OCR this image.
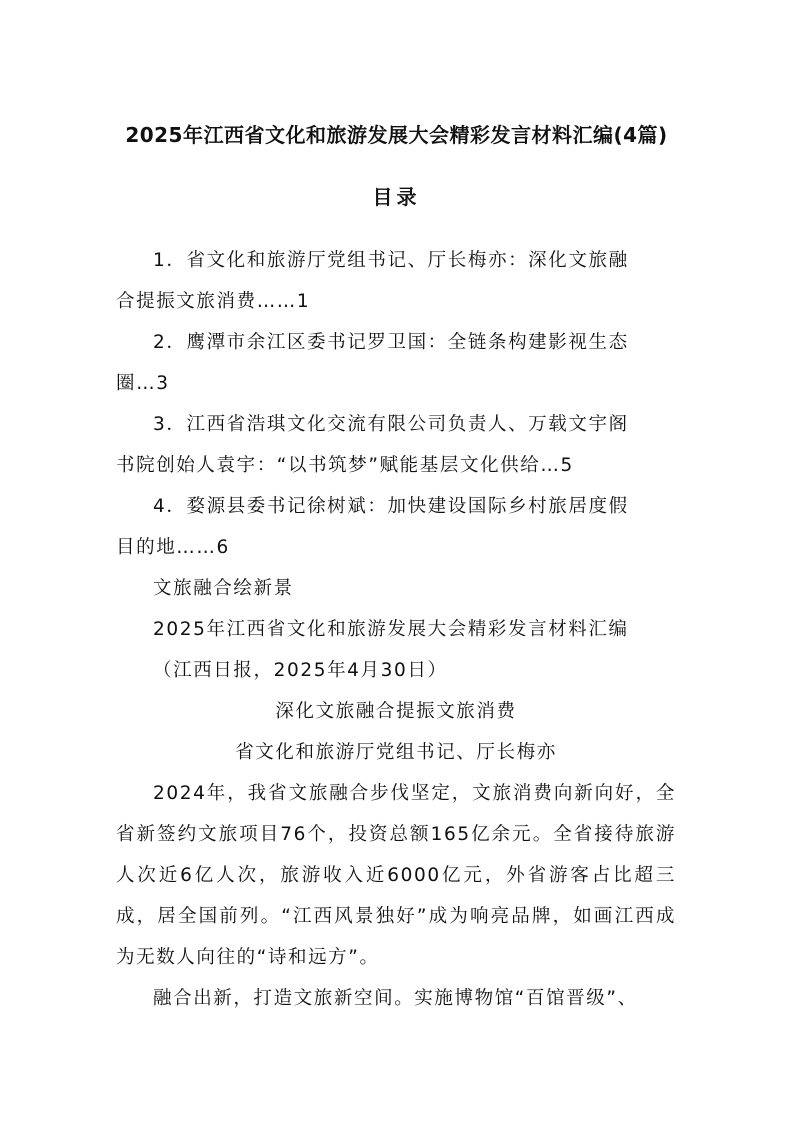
2025年江西省文化和旅游发展大会精彩发言材料汇编(4篇)
目录

1．省文化和旅游厅党组书记、厅长梅亦：深化文旅融
合提振文旅消费……1

2．鹰潭市余江区委书记罗卫国：全链条构建影视生态
圈…3

3．江西省浩琪文化交流有限公司负责人、万载文宇阁
书院创始人袁宇：“以书筑梦”赋能基层文化供给…5

4．婺源县委书记徐树斌：加快建设国际乡村旅居度假
目的地……6

文旅融合绘新景

2025年江西省文化和旅游发展大会精彩发言材料汇编

（江西日报，2025年4月30日）

深化文旅融合提振文旅消费

省文化和旅游厅党组书记、厅长梅亦

2024年，我省文旅融合步伐坚定，文旅消费向新向好，全省新签约文旅项目76个，投资总额165亿余元。全省接待旅游人次近6亿人次，旅游收入近6000亿元，外省游客占比超三成，居全国前列。“江西风景独好”成为响亮品牌，如画江西成为无数人向往的“诗和远方”。

融合出新，打造文旅新空间。实施博物馆“百馆晋级”、
